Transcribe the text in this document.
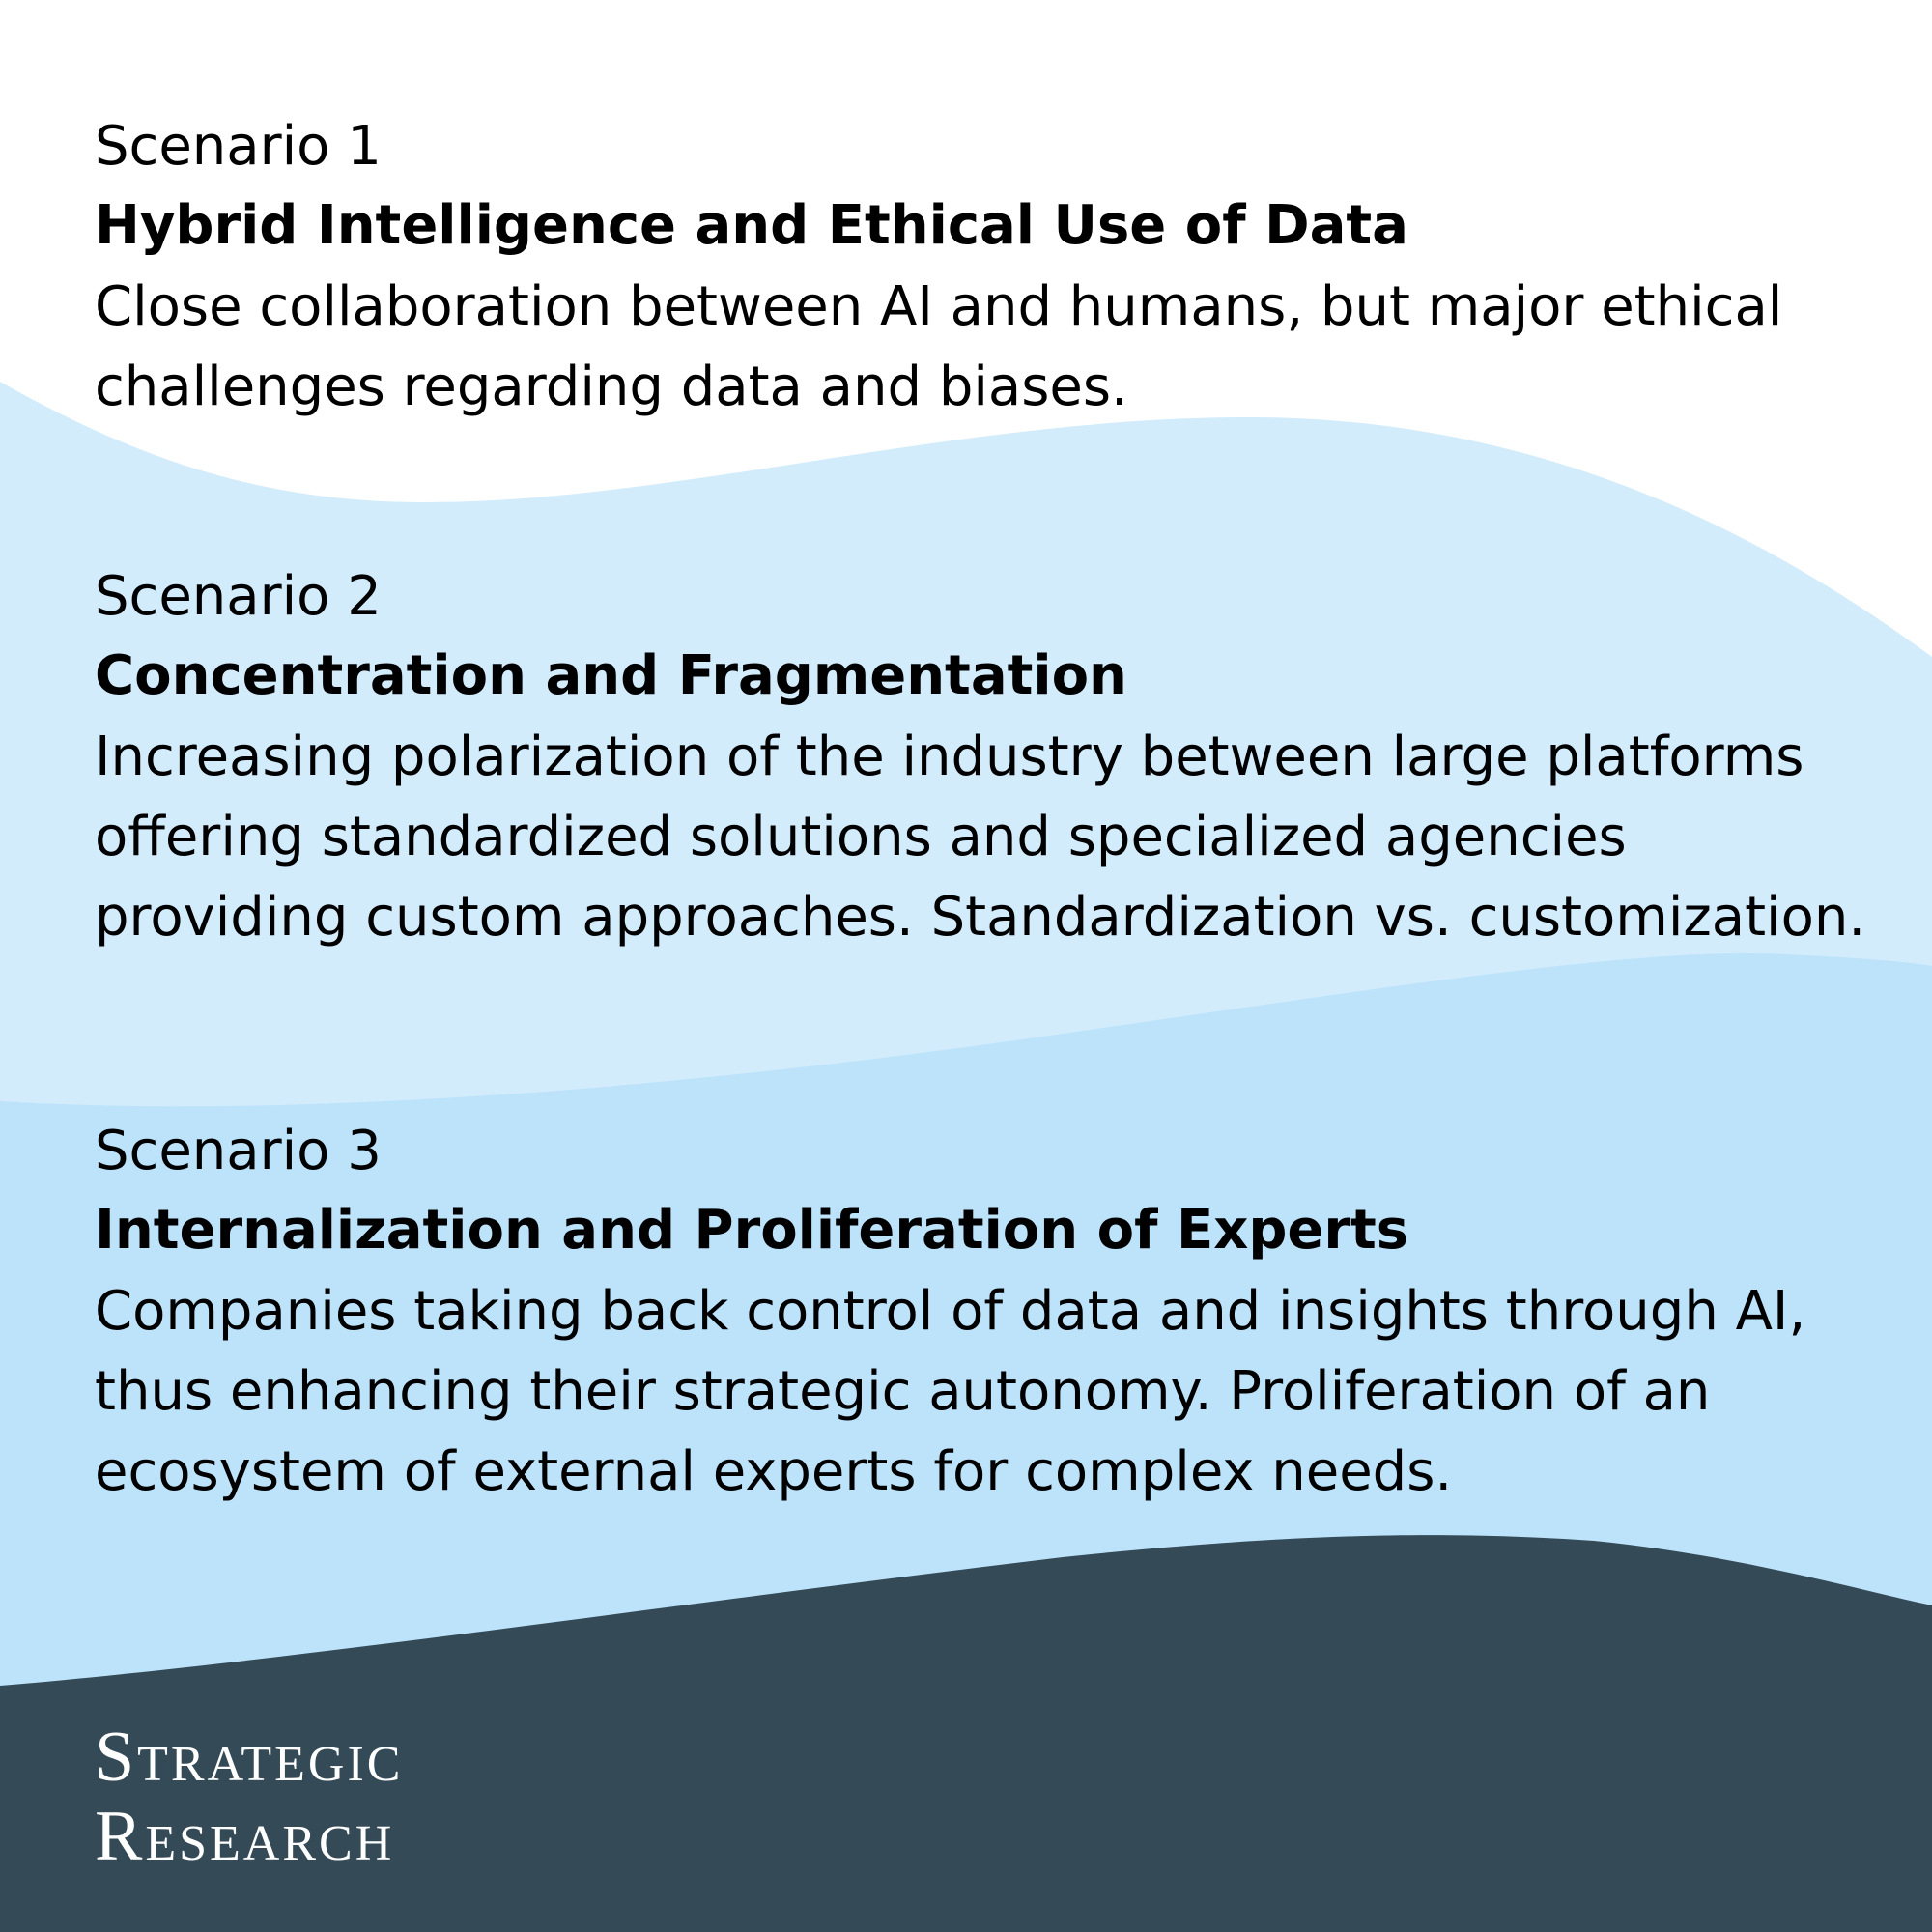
Scenario 1

Hybrid Intelligence and Ethical Use of Data

Close collaboration between AI and humans, but major ethical challenges regarding data and biases.

Scenario 2

Concentration and Fragmentation

Increasing polarization of the industry between large platforms offering standardized solutions and specialized agencies providing custom approaches. Standardization vs. customization.

Scenario 3

Internalization and Proliferation of Experts

Companies taking back control of data and insights through AI, thus enhancing their strategic autonomy. Proliferation of an ecosystem of external experts for complex needs.

Strategic
Research
